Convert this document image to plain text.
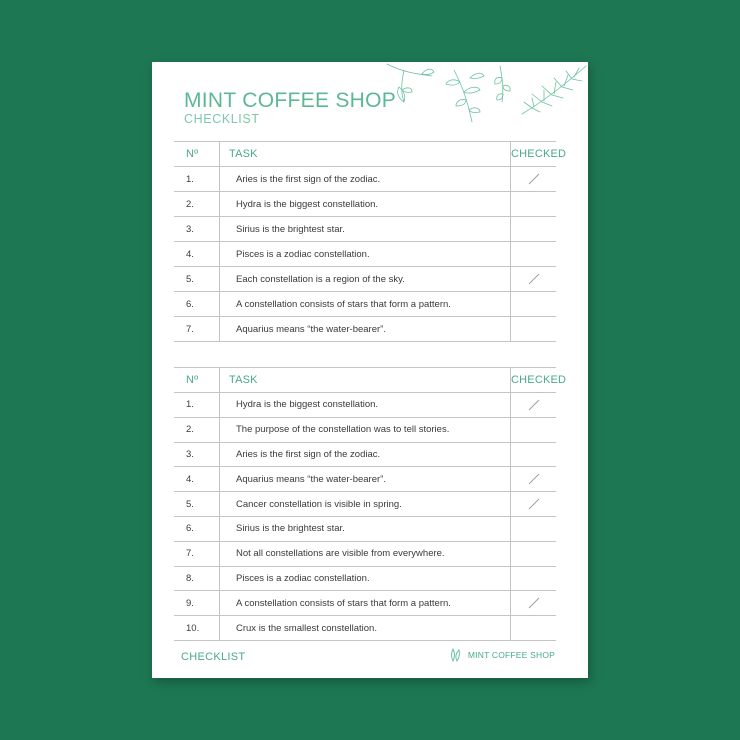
MINT COFFEE SHOP
CHECKLIST
Nº	TASK	CHECKED
1.	Aries is the first sign of the zodiac.	
2.	Hydra is the biggest constellation.	
3.	Sirius is the brightest star.	
4.	Pisces is a zodiac constellation.	
5.	Each constellation is a region of the sky.	
6.	A constellation consists of stars that form a pattern.	
7.	Aquarius means “the water-bearer”.	
Nº	TASK	CHECKED
1.	Hydra is the biggest constellation.	
2.	The purpose of the constellation was to tell stories.	
3.	Aries is the first sign of the zodiac.	
4.	Aquarius means “the water-bearer”.	
5.	Cancer constellation is visible in spring.	
6.	Sirius is the brightest star.	
7.	Not all constellations are visible from everywhere.	
8.	Pisces is a zodiac constellation.	
9.	A constellation consists of stars that form a pattern.	
10.	Crux is the smallest constellation.	
CHECKLIST	MINT COFFEE SHOP
